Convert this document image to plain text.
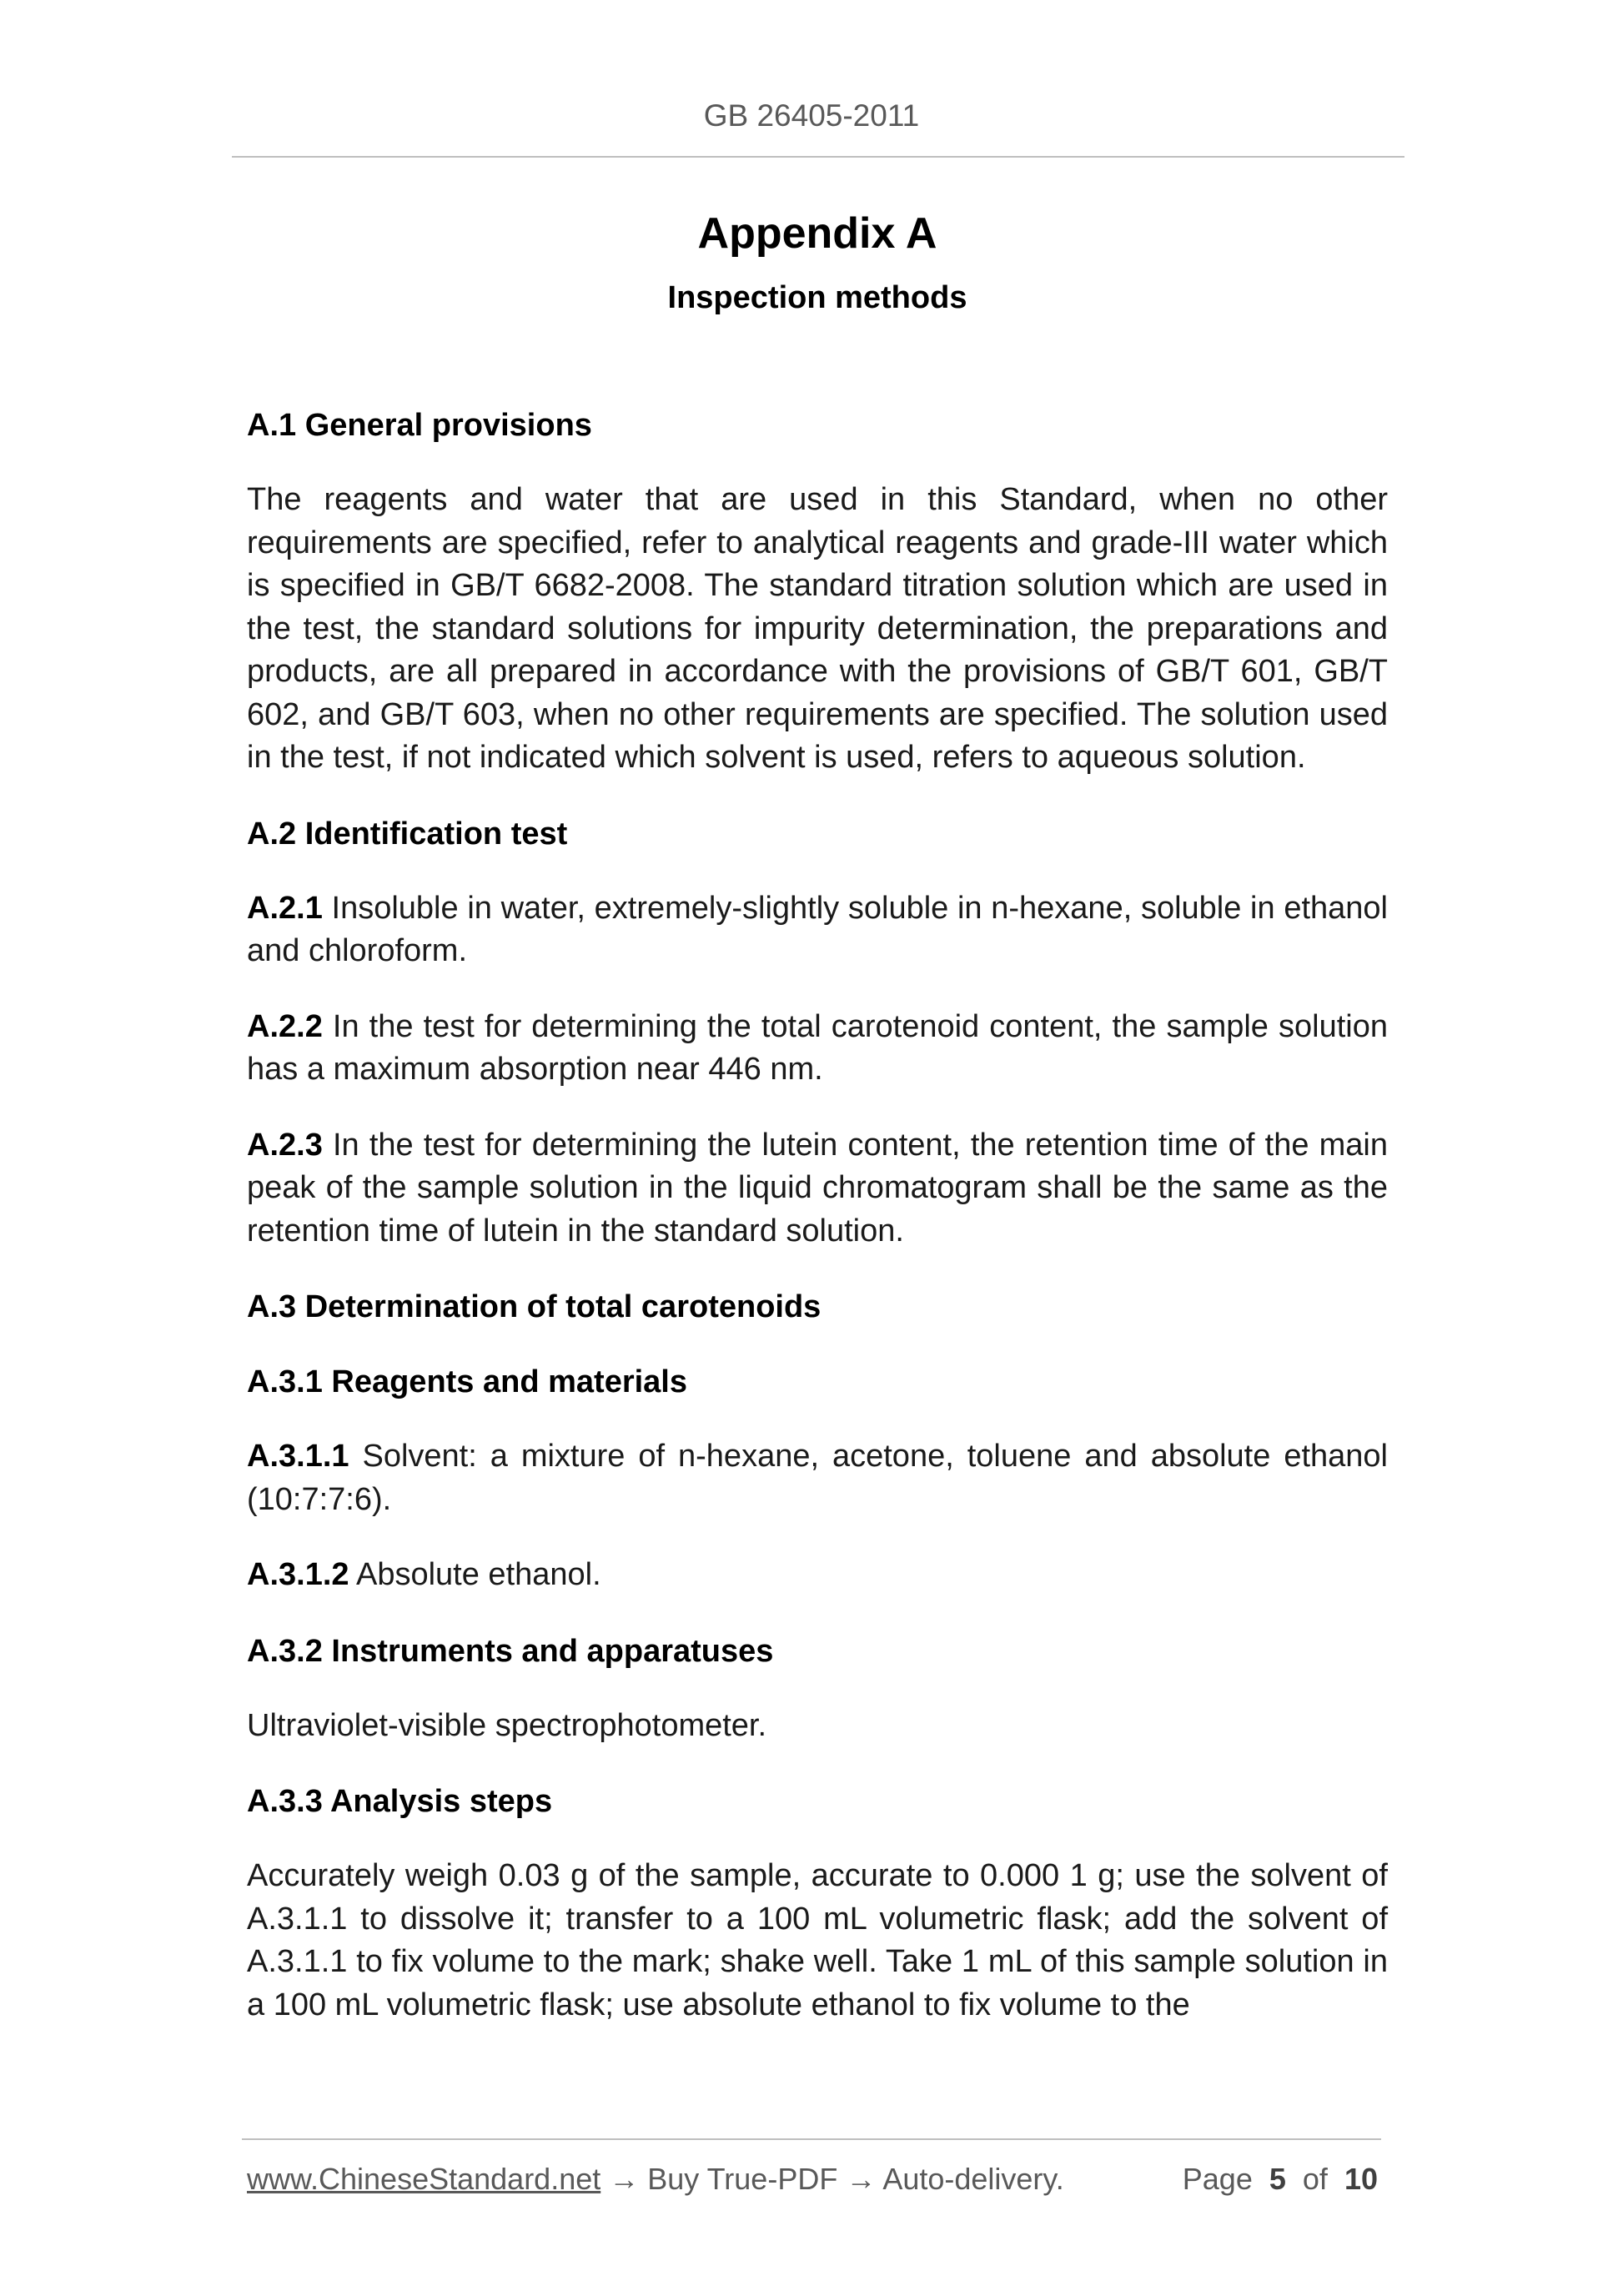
GB 26405-2011
Appendix A
Inspection methods
A.1 General provisions

The reagents and water that are used in this Standard, when no other requirements are specified, refer to analytical reagents and grade-III water which is specified in GB/T 6682-2008. The standard titration solution which are used in the test, the standard solutions for impurity determination, the preparations and products, are all prepared in accordance with the provisions of GB/T 601, GB/T 602, and GB/T 603, when no other requirements are specified. The solution used in the test, if not indicated which solvent is used, refers to aqueous solution.

A.2 Identification test

A.2.1 Insoluble in water, extremely-slightly soluble in n-hexane, soluble in ethanol and chloroform.

A.2.2 In the test for determining the total carotenoid content, the sample solution has a maximum absorption near 446 nm.

A.2.3 In the test for determining the lutein content, the retention time of the main peak of the sample solution in the liquid chromatogram shall be the same as the retention time of lutein in the standard solution.

A.3 Determination of total carotenoids
A.3.1 Reagents and materials

A.3.1.1 Solvent: a mixture of n-hexane, acetone, toluene and absolute ethanol (10:7:7:6).

A.3.1.2 Absolute ethanol.

A.3.2 Instruments and apparatuses

Ultraviolet-visible spectrophotometer.

A.3.3 Analysis steps

Accurately weigh 0.03 g of the sample, accurate to 0.000 1 g; use the solvent of A.3.1.1 to dissolve it; transfer to a 100 mL volumetric flask; add the solvent of A.3.1.1 to fix volume to the mark; shake well. Take 1 mL of this sample solution in a 100 mL volumetric flask; use absolute ethanol to fix volume to the

www.ChineseStandard.net → Buy True-PDF → Auto-delivery.	Page 5 of 10
